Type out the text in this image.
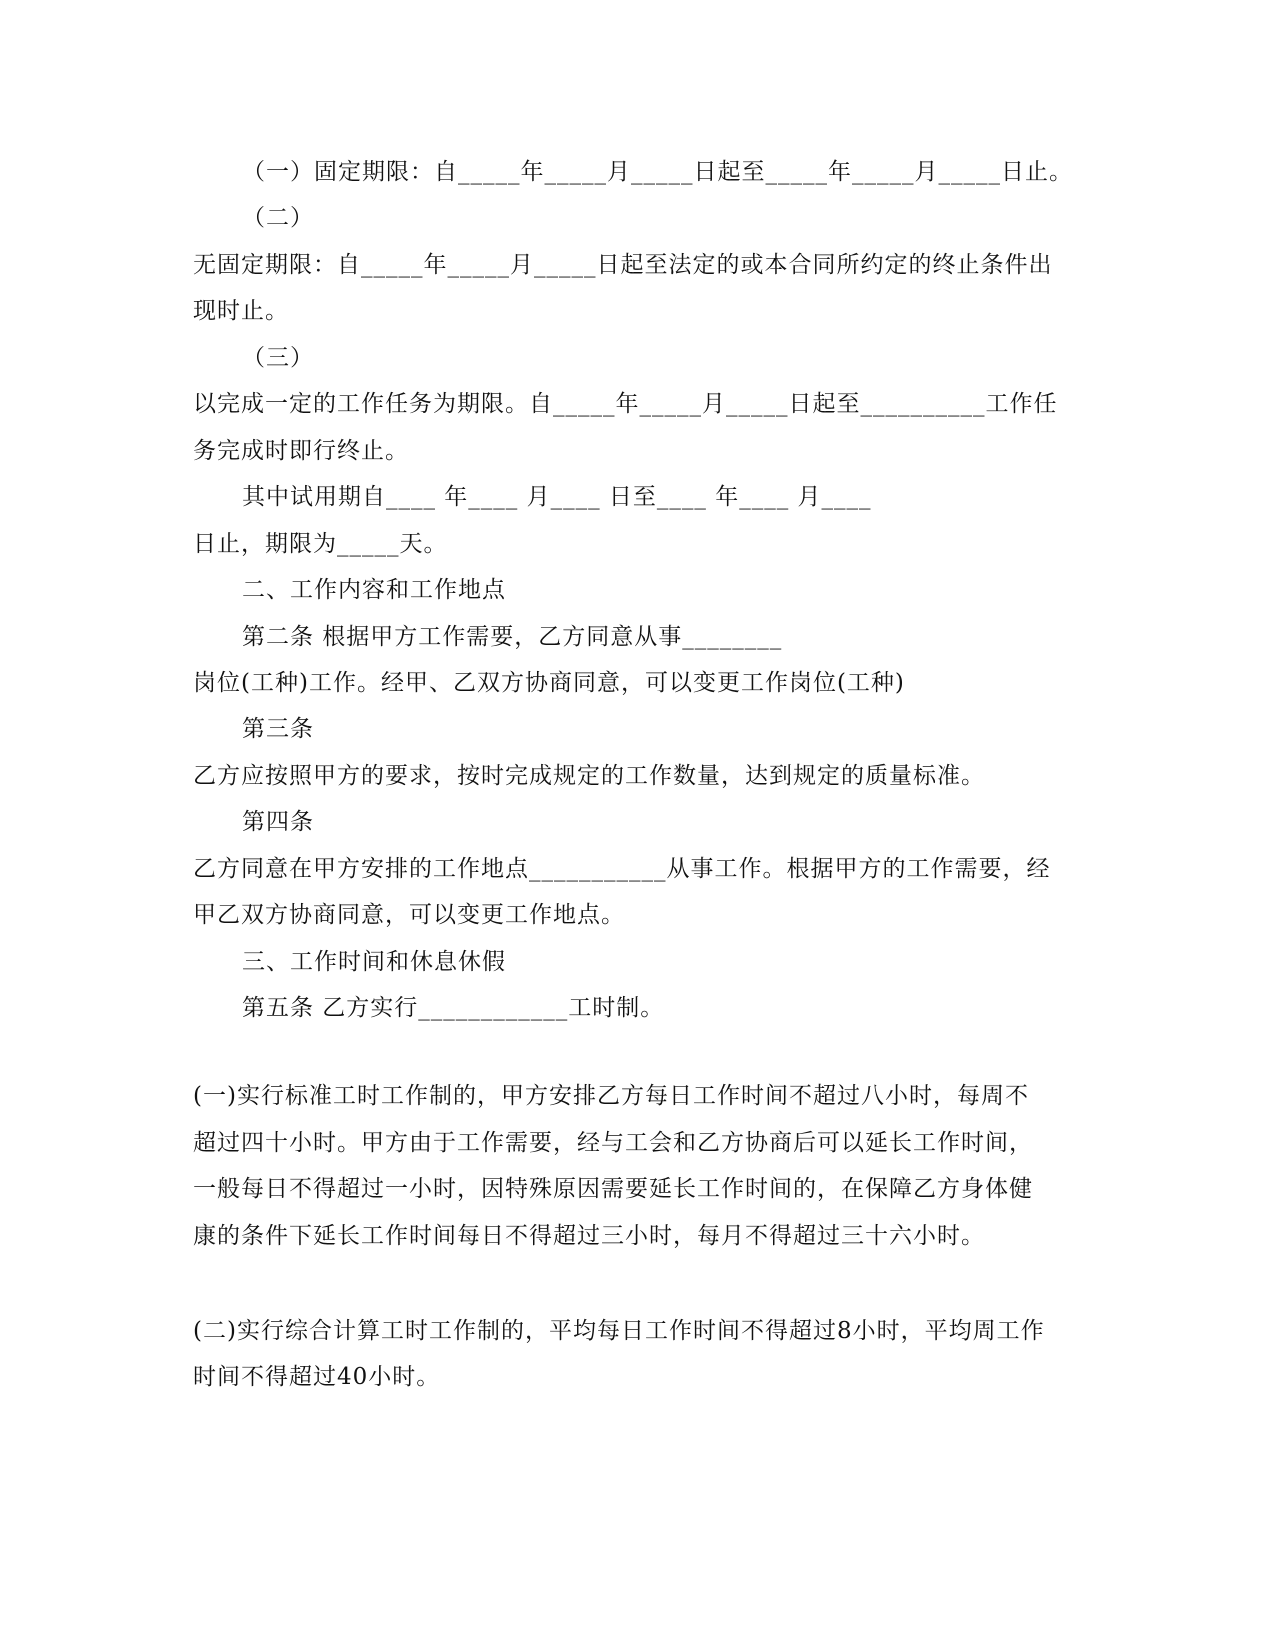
（一）固定期限：自_____年_____月_____日起至_____年_____月_____日止。
（二）
无固定期限：自_____年_____月_____日起至法定的或本合同所约定的终止条件出
现时止。
（三）
以完成一定的工作任务为期限。自_____年_____月_____日起至__________工作任
务完成时即行终止。
其中试用期自____ 年____ 月____ 日至____ 年____ 月____
日止，期限为_____天。
二、工作内容和工作地点
第二条 根据甲方工作需要，乙方同意从事________
岗位(工种)工作。经甲、乙双方协商同意，可以变更工作岗位(工种)
第三条
乙方应按照甲方的要求，按时完成规定的工作数量，达到规定的质量标准。
第四条
乙方同意在甲方安排的工作地点___________从事工作。根据甲方的工作需要，经
甲乙双方协商同意，可以变更工作地点。
三、工作时间和休息休假
第五条 乙方实行____________工时制。
(一)实行标准工时工作制的，甲方安排乙方每日工作时间不超过八小时，每周不
超过四十小时。甲方由于工作需要，经与工会和乙方协商后可以延长工作时间，
一般每日不得超过一小时，因特殊原因需要延长工作时间的，在保障乙方身体健
康的条件下延长工作时间每日不得超过三小时，每月不得超过三十六小时。
(二)实行综合计算工时工作制的，平均每日工作时间不得超过8小时，平均周工作
时间不得超过40小时。
